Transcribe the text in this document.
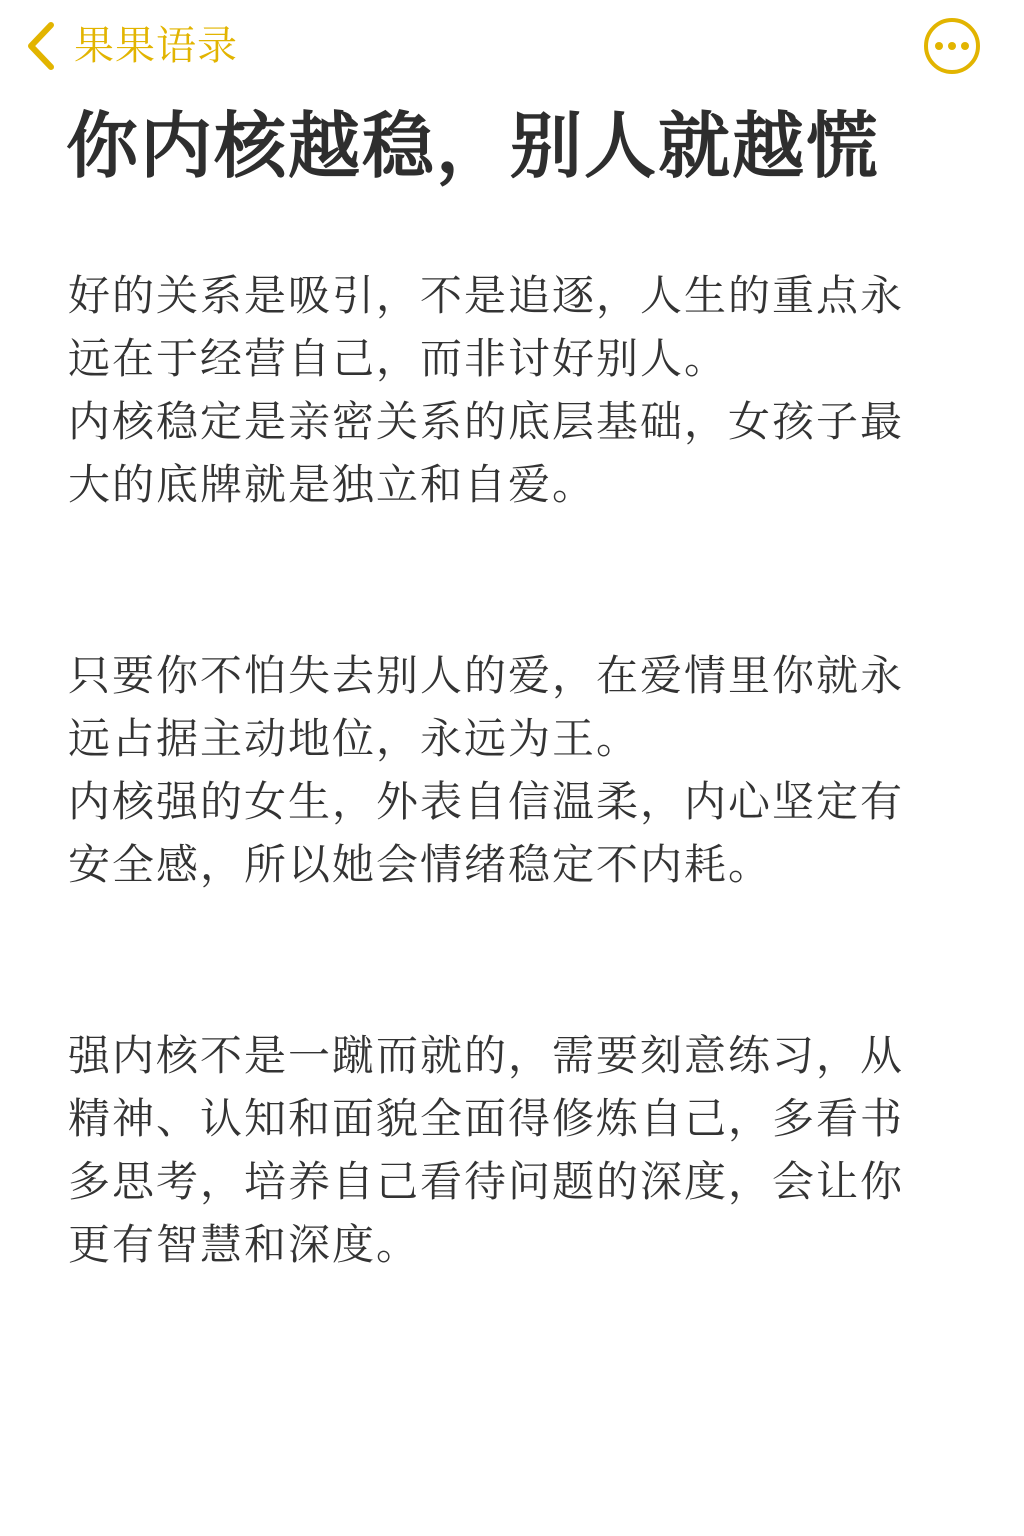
果果语录
你内核越稳，别人就越慌

好的关系是吸引，不是追逐，人生的重点永远在于经营自己，而非讨好别人。
内核稳定是亲密关系的底层基础，女孩子最大的底牌就是独立和自爱。

只要你不怕失去别人的爱，在爱情里你就永远占据主动地位，永远为王。
内核强的女生，外表自信温柔，内心坚定有安全感，所以她会情绪稳定不内耗。

强内核不是一蹴而就的，需要刻意练习，从精神、认知和面貌全面得修炼自己，多看书多思考，培养自己看待问题的深度，会让你更有智慧和深度。
